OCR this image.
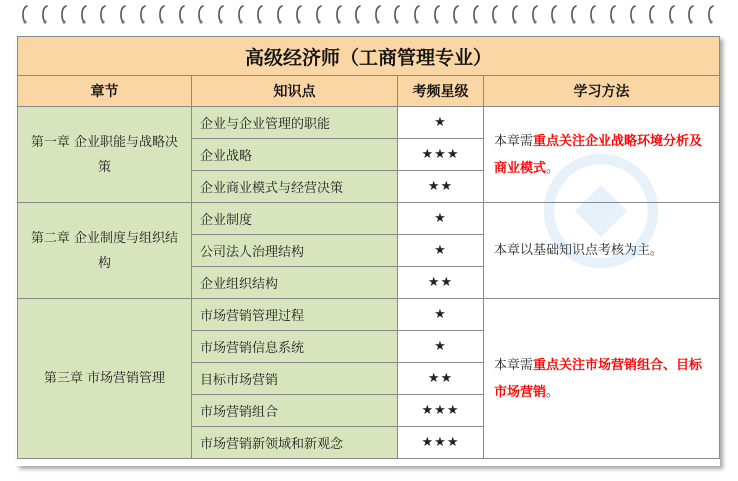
高级经济师（工商管理专业）			
章节	知识点	考频星级	学习方法
第一章 企业职能与战略决策	企业与企业管理的职能	★	本章需重点关注企业战略环境分析及商业模式。
	企业战略	★★★	
	企业商业模式与经营决策	★★	
第二章 企业制度与组织结构	企业制度	★	本章以基础知识点考核为主。
	公司法人治理结构	★	
	企业组织结构	★★	
第三章 市场营销管理	市场营销管理过程	★	本章需重点关注市场营销组合、目标市场营销。
	市场营销信息系统	★	
	目标市场营销	★★	
	市场营销组合	★★★	
	市场营销新领域和新观念	★★★	
